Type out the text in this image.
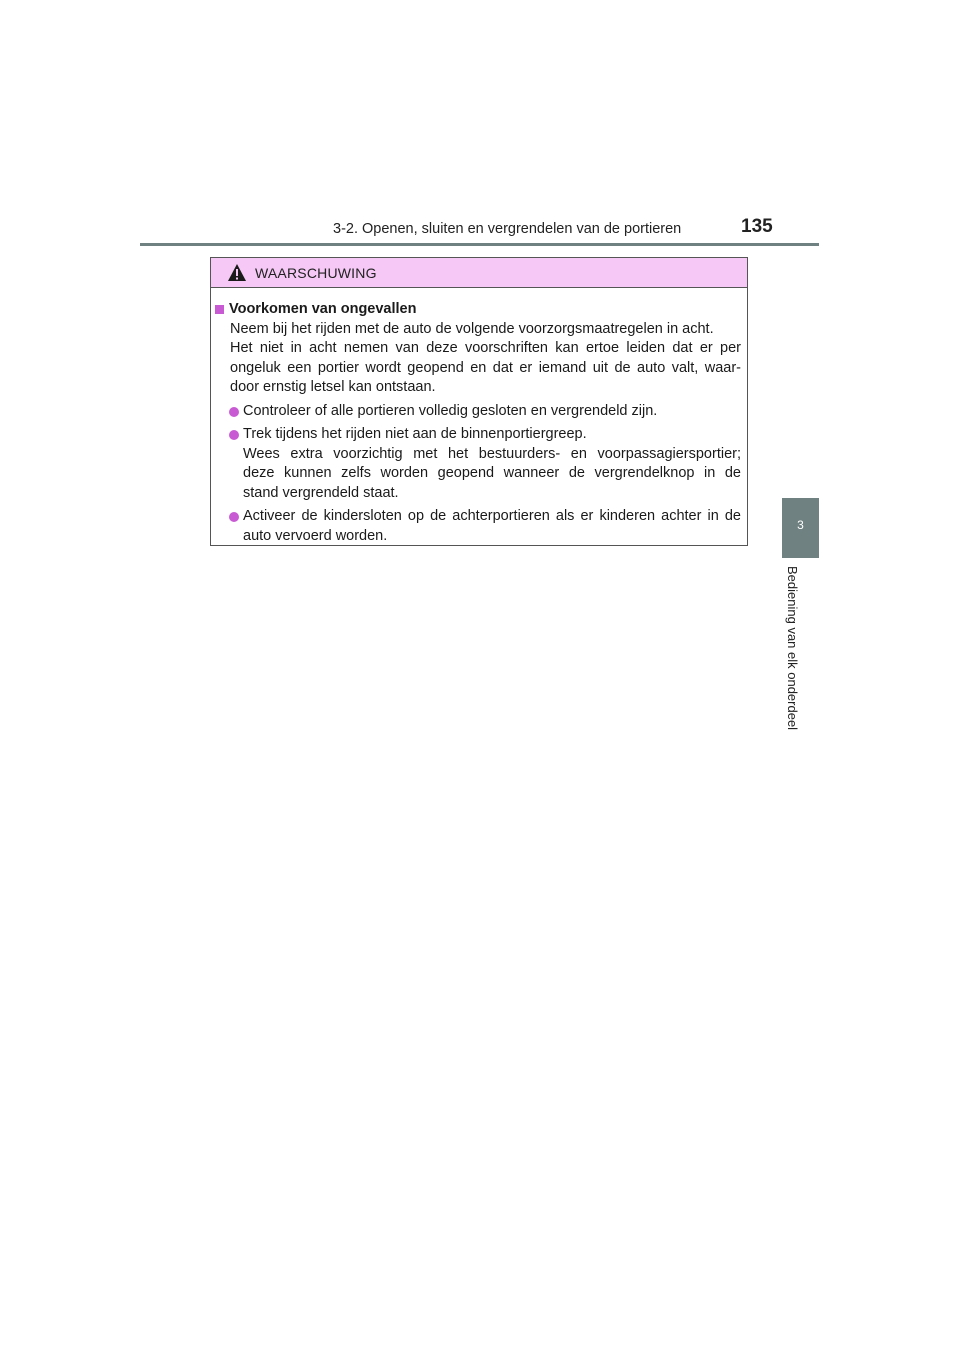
3-2. Openen, sluiten en vergrendelen van de portieren	135
3
Bediening van elk onderdeel
WAARSCHUWING
Voorkomen van ongevallen
Neem bij het rijden met de auto de volgende voorzorgsmaatregelen in acht.
Het niet in acht nemen van deze voorschriften kan ertoe leiden dat er per
ongeluk een portier wordt geopend en dat er iemand uit de auto valt, waar-
door ernstig letsel kan ontstaan.
Controleer of alle portieren volledig gesloten en vergrendeld zijn.
Trek tijdens het rijden niet aan de binnenportiergreep.
Wees extra voorzichtig met het bestuurders- en voorpassagiersportier;
deze kunnen zelfs worden geopend wanneer de vergrendelknop in de
stand vergrendeld staat.
Activeer de kindersloten op de achterportieren als er kinderen achter in de
auto vervoerd worden.
